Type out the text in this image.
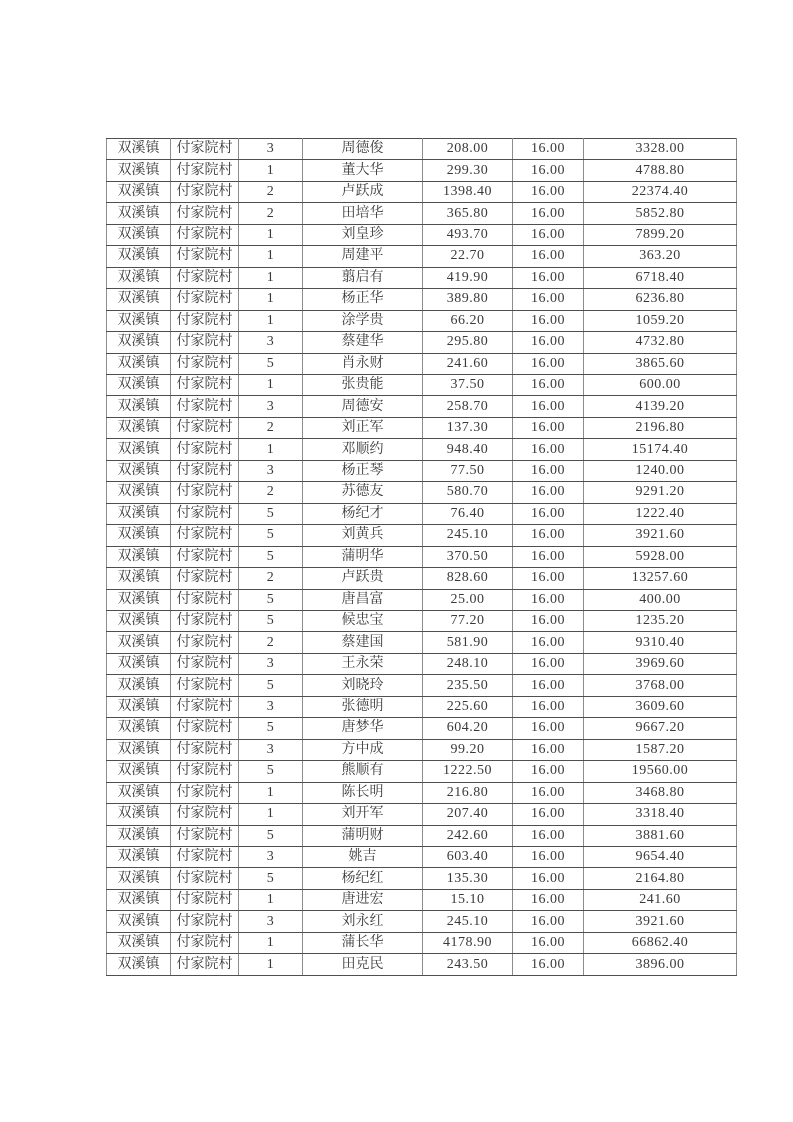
双溪镇	付家院村	3	周德俊	208.00	16.00	3328.00
双溪镇	付家院村	1	董大华	299.30	16.00	4788.80
双溪镇	付家院村	2	卢跃成	1398.40	16.00	22374.40
双溪镇	付家院村	2	田培华	365.80	16.00	5852.80
双溪镇	付家院村	1	刘皇珍	493.70	16.00	7899.20
双溪镇	付家院村	1	周建平	22.70	16.00	363.20
双溪镇	付家院村	1	翦启有	419.90	16.00	6718.40
双溪镇	付家院村	1	杨正华	389.80	16.00	6236.80
双溪镇	付家院村	1	涂学贵	66.20	16.00	1059.20
双溪镇	付家院村	3	蔡建华	295.80	16.00	4732.80
双溪镇	付家院村	5	肖永财	241.60	16.00	3865.60
双溪镇	付家院村	1	张贵能	37.50	16.00	600.00
双溪镇	付家院村	3	周德安	258.70	16.00	4139.20
双溪镇	付家院村	2	刘正军	137.30	16.00	2196.80
双溪镇	付家院村	1	邓顺约	948.40	16.00	15174.40
双溪镇	付家院村	3	杨正琴	77.50	16.00	1240.00
双溪镇	付家院村	2	苏德友	580.70	16.00	9291.20
双溪镇	付家院村	5	杨纪才	76.40	16.00	1222.40
双溪镇	付家院村	5	刘黄兵	245.10	16.00	3921.60
双溪镇	付家院村	5	蒲明华	370.50	16.00	5928.00
双溪镇	付家院村	2	卢跃贵	828.60	16.00	13257.60
双溪镇	付家院村	5	唐昌富	25.00	16.00	400.00
双溪镇	付家院村	5	候忠宝	77.20	16.00	1235.20
双溪镇	付家院村	2	蔡建国	581.90	16.00	9310.40
双溪镇	付家院村	3	王永荣	248.10	16.00	3969.60
双溪镇	付家院村	5	刘晓玲	235.50	16.00	3768.00
双溪镇	付家院村	3	张德明	225.60	16.00	3609.60
双溪镇	付家院村	5	唐梦华	604.20	16.00	9667.20
双溪镇	付家院村	3	方中成	99.20	16.00	1587.20
双溪镇	付家院村	5	熊顺有	1222.50	16.00	19560.00
双溪镇	付家院村	1	陈长明	216.80	16.00	3468.80
双溪镇	付家院村	1	刘开军	207.40	16.00	3318.40
双溪镇	付家院村	5	蒲明财	242.60	16.00	3881.60
双溪镇	付家院村	3	姚吉	603.40	16.00	9654.40
双溪镇	付家院村	5	杨纪红	135.30	16.00	2164.80
双溪镇	付家院村	1	唐进宏	15.10	16.00	241.60
双溪镇	付家院村	3	刘永红	245.10	16.00	3921.60
双溪镇	付家院村	1	蒲长华	4178.90	16.00	66862.40
双溪镇	付家院村	1	田克民	243.50	16.00	3896.00
